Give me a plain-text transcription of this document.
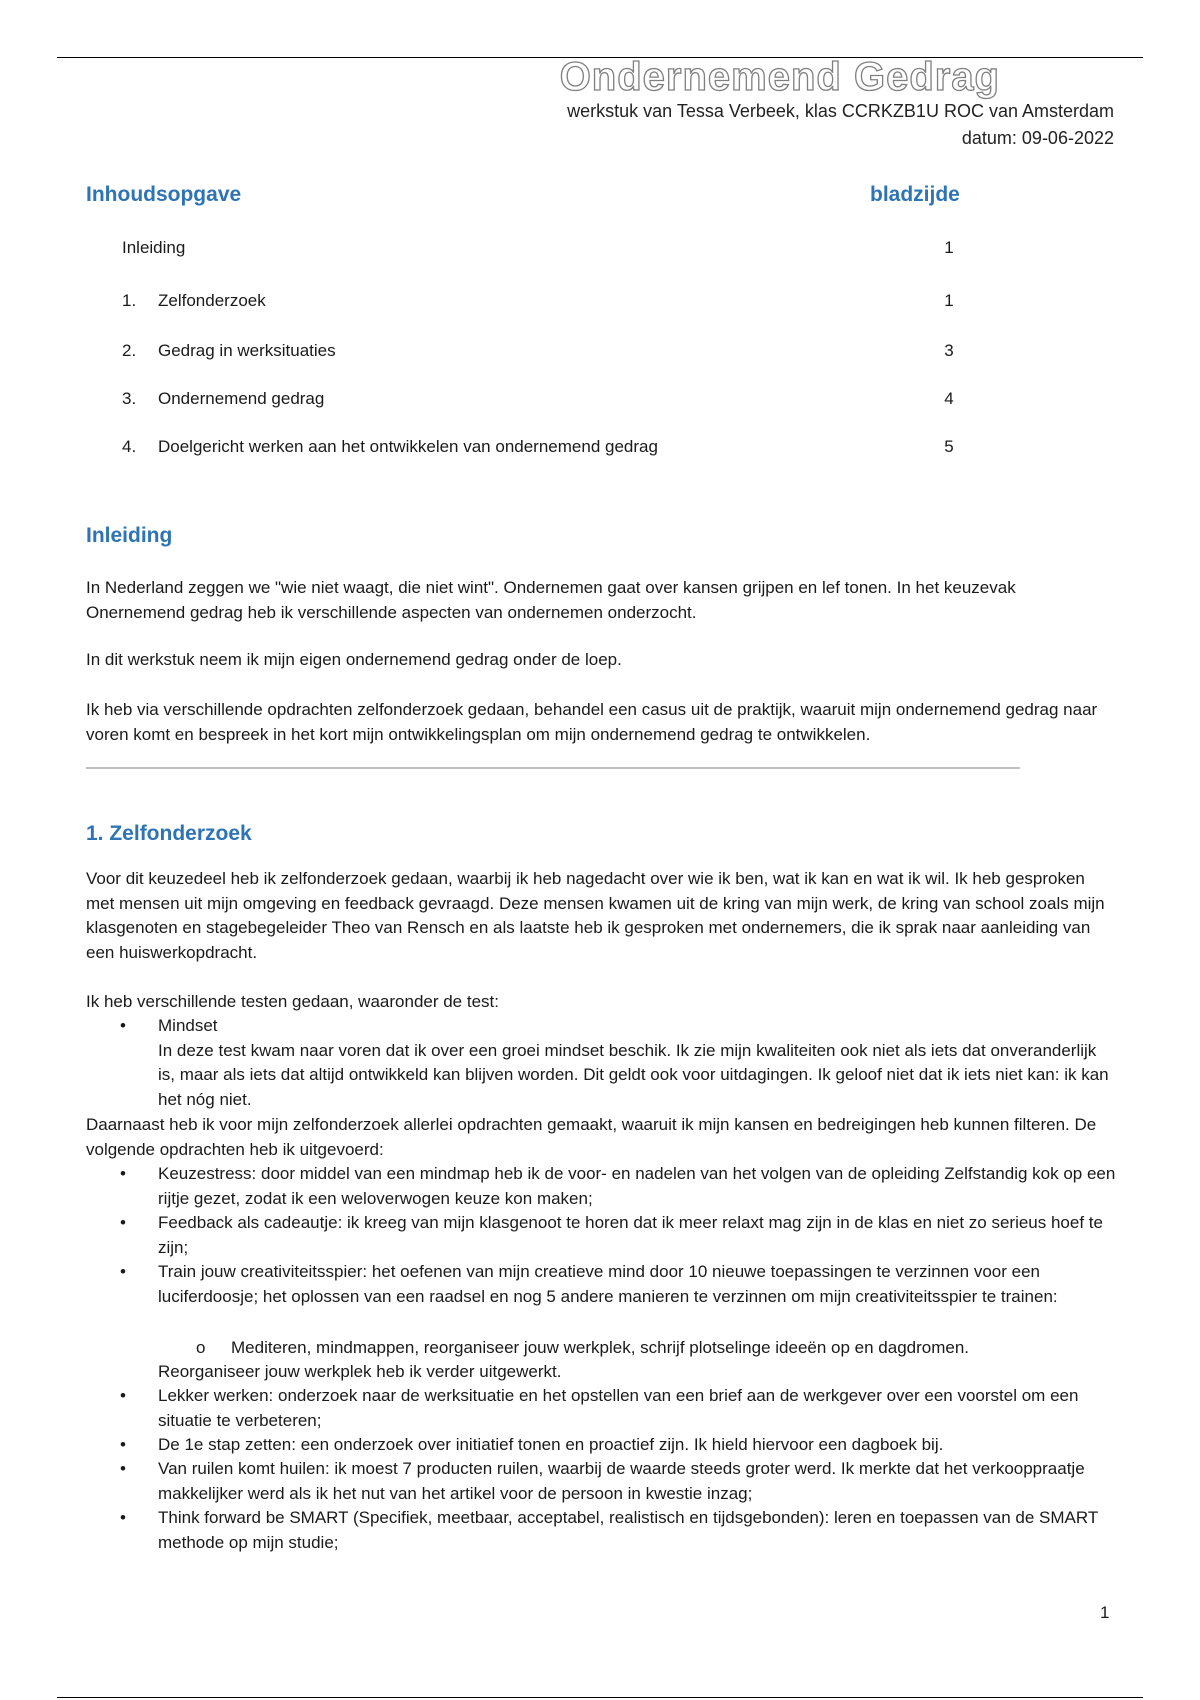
Ondernemend Gedrag
werkstuk van Tessa Verbeek, klas CCRKZB1U ROC van Amsterdam
datum: 09-06-2022
Inhoudsopgave	bladzijde
Inleiding	1
1. Zelfonderzoek	1
2. Gedrag in werksituaties	3
3. Ondernemend gedrag	4
4. Doelgericht werken aan het ontwikkelen van ondernemend gedrag	5
Inleiding

In Nederland zeggen we "wie niet waagt, die niet wint". Ondernemen gaat over kansen grijpen en lef tonen. In het keuzevak Onernemend gedrag heb ik verschillende aspecten van ondernemen onderzocht.

In dit werkstuk neem ik mijn eigen ondernemend gedrag onder de loep.

Ik heb via verschillende opdrachten zelfonderzoek gedaan, behandel een casus uit de praktijk, waaruit mijn ondernemend gedrag naar voren komt en bespreek in het kort mijn ontwikkelingsplan om mijn ondernemend gedrag te ontwikkelen.

1. Zelfonderzoek

Voor dit keuzedeel heb ik zelfonderzoek gedaan, waarbij ik heb nagedacht over wie ik ben, wat ik kan en wat ik wil. Ik heb gesproken met mensen uit mijn omgeving en feedback gevraagd. Deze mensen kwamen uit de kring van mijn werk, de kring van school zoals mijn klasgenoten en stagebegeleider Theo van Rensch en als laatste heb ik gesproken met ondernemers, die ik sprak naar aanleiding van een huiswerkopdracht.

Ik heb verschillende testen gedaan, waaronder de test:

• Mindset
In deze test kwam naar voren dat ik over een groei mindset beschik. Ik zie mijn kwaliteiten ook niet als iets dat onveranderlijk is, maar als iets dat altijd ontwikkeld kan blijven worden. Dit geldt ook voor uitdagingen. Ik geloof niet dat ik iets niet kan: ik kan het nóg niet.

Daarnaast heb ik voor mijn zelfonderzoek allerlei opdrachten gemaakt, waaruit ik mijn kansen en bedreigingen heb kunnen filteren. De volgende opdrachten heb ik uitgevoerd:

• Keuzestress: door middel van een mindmap heb ik de voor- en nadelen van het volgen van de opleiding Zelfstandig kok op een rijtje gezet, zodat ik een weloverwogen keuze kon maken;
• Feedback als cadeautje: ik kreeg van mijn klasgenoot te horen dat ik meer relaxt mag zijn in de klas en niet zo serieus hoef te zijn;
• Train jouw creativiteitsspier: het oefenen van mijn creatieve mind door 10 nieuwe toepassingen te verzinnen voor een luciferdoosje; het oplossen van een raadsel en nog 5 andere manieren te verzinnen om mijn creativiteitsspier te trainen:
o Mediteren, mindmappen, reorganiseer jouw werkplek, schrijf plotselinge ideeën op en dagdromen.
Reorganiseer jouw werkplek heb ik verder uitgewerkt.
• Lekker werken: onderzoek naar de werksituatie en het opstellen van een brief aan de werkgever over een voorstel om een situatie te verbeteren;
• De 1e stap zetten: een onderzoek over initiatief tonen en proactief zijn. Ik hield hiervoor een dagboek bij.
• Van ruilen komt huilen: ik moest 7 producten ruilen, waarbij de waarde steeds groter werd. Ik merkte dat het verkooppraatje makkelijker werd als ik het nut van het artikel voor de persoon in kwestie inzag;
• Think forward be SMART (Specifiek, meetbaar, acceptabel, realistisch en tijdsgebonden): leren en toepassen van de SMART methode op mijn studie;
1
